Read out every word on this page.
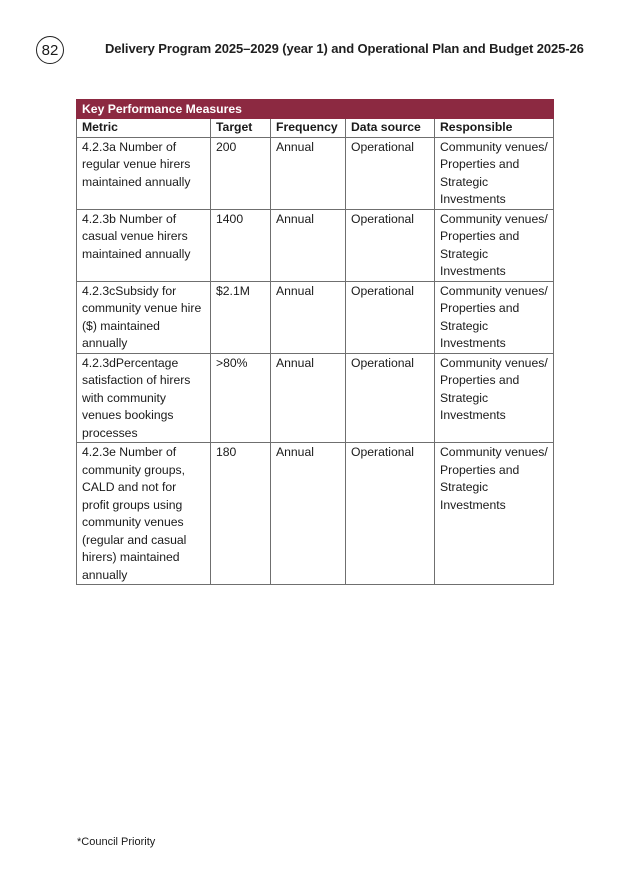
82	Delivery Program 2025–2029 (year 1) and Operational Plan and Budget 2025-26
Key Performance Measures				
Metric	Target	Frequency	Data source	Responsible
4.2.3a Number of regular venue hirers maintained annually	200	Annual	Operational	Community venues/ Properties and Strategic Investments
4.2.3b Number of casual venue hirers maintained annually	1400	Annual	Operational	Community venues/ Properties and Strategic Investments
4.2.3cSubsidy for community venue hire ($) maintained annually	$2.1M	Annual	Operational	Community venues/ Properties and Strategic Investments
4.2.3dPercentage satisfaction of hirers with community venues bookings processes	>80%	Annual	Operational	Community venues/ Properties and Strategic Investments
4.2.3e Number of community groups, CALD and not for profit groups using community venues (regular and casual hirers) maintained annually	180	Annual	Operational	Community venues/ Properties and Strategic Investments
*Council Priority
